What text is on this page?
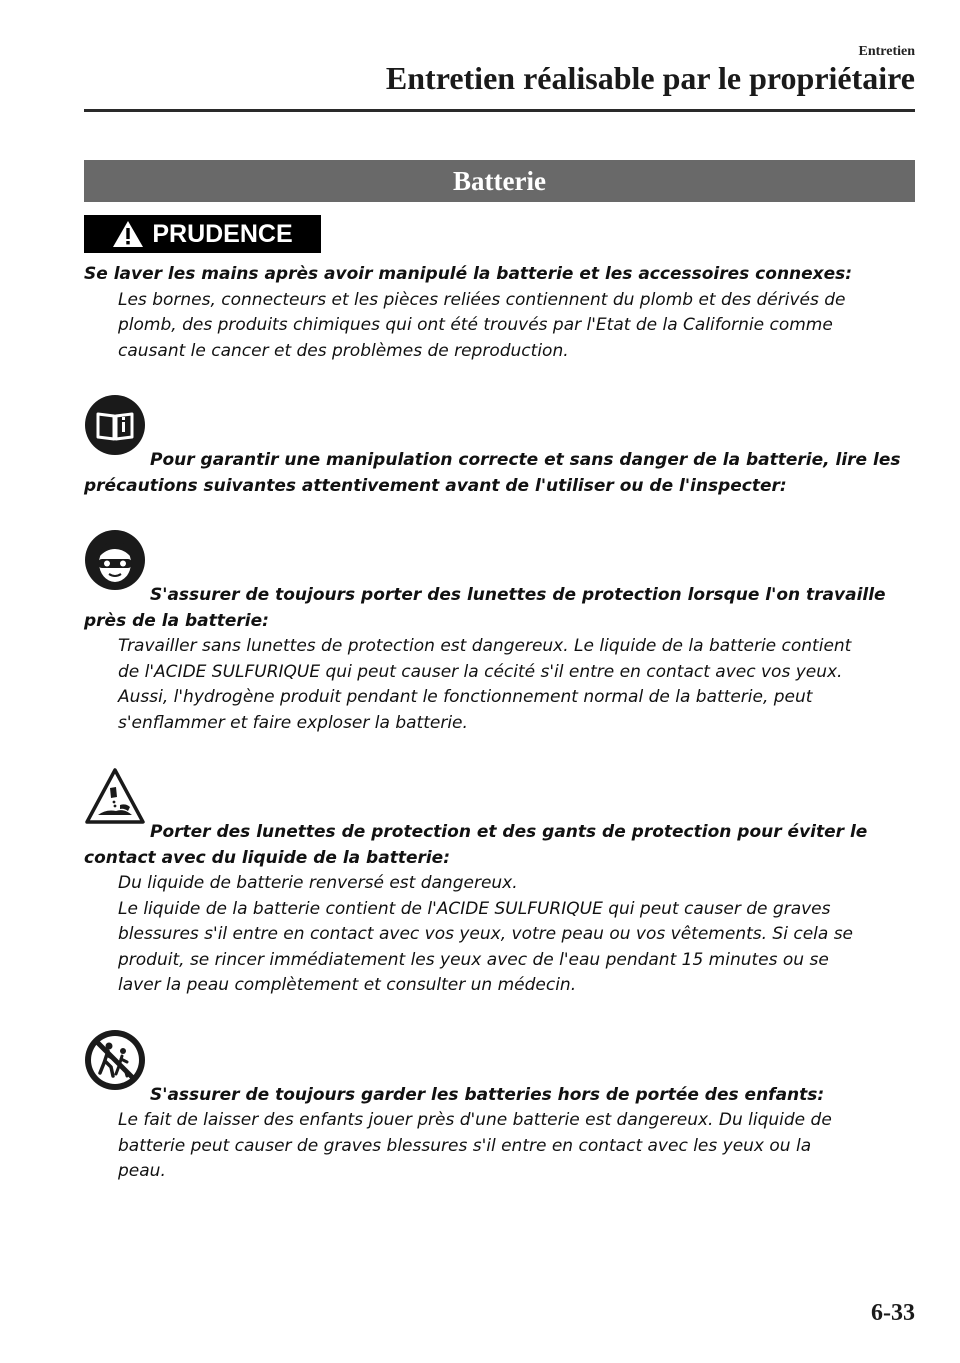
Entretien
Entretien réalisable par le propriétaire
Batterie
PRUDENCE
Se laver les mains après avoir manipulé la batterie et les accessoires connexes:
Les bornes, connecteurs et les pièces reliées contiennent du plomb et des dérivés de
plomb, des produits chimiques qui ont été trouvés par l'Etat de la Californie comme
causant le cancer et des problèmes de reproduction.
Pour garantir une manipulation correcte et sans danger de la batterie, lire les
précautions suivantes attentivement avant de l'utiliser ou de l'inspecter:
S'assurer de toujours porter des lunettes de protection lorsque l'on travaille
près de la batterie:
Travailler sans lunettes de protection est dangereux. Le liquide de la batterie contient
de l'ACIDE SULFURIQUE qui peut causer la cécité s'il entre en contact avec vos yeux.
Aussi, l'hydrogène produit pendant le fonctionnement normal de la batterie, peut
s'enflammer et faire exploser la batterie.
Porter des lunettes de protection et des gants de protection pour éviter le
contact avec du liquide de la batterie:
Du liquide de batterie renversé est dangereux.
Le liquide de la batterie contient de l'ACIDE SULFURIQUE qui peut causer de graves
blessures s'il entre en contact avec vos yeux, votre peau ou vos vêtements. Si cela se
produit, se rincer immédiatement les yeux avec de l'eau pendant 15 minutes ou se
laver la peau complètement et consulter un médecin.
S'assurer de toujours garder les batteries hors de portée des enfants:
Le fait de laisser des enfants jouer près d'une batterie est dangereux. Du liquide de
batterie peut causer de graves blessures s'il entre en contact avec les yeux ou la
peau.
6-33
